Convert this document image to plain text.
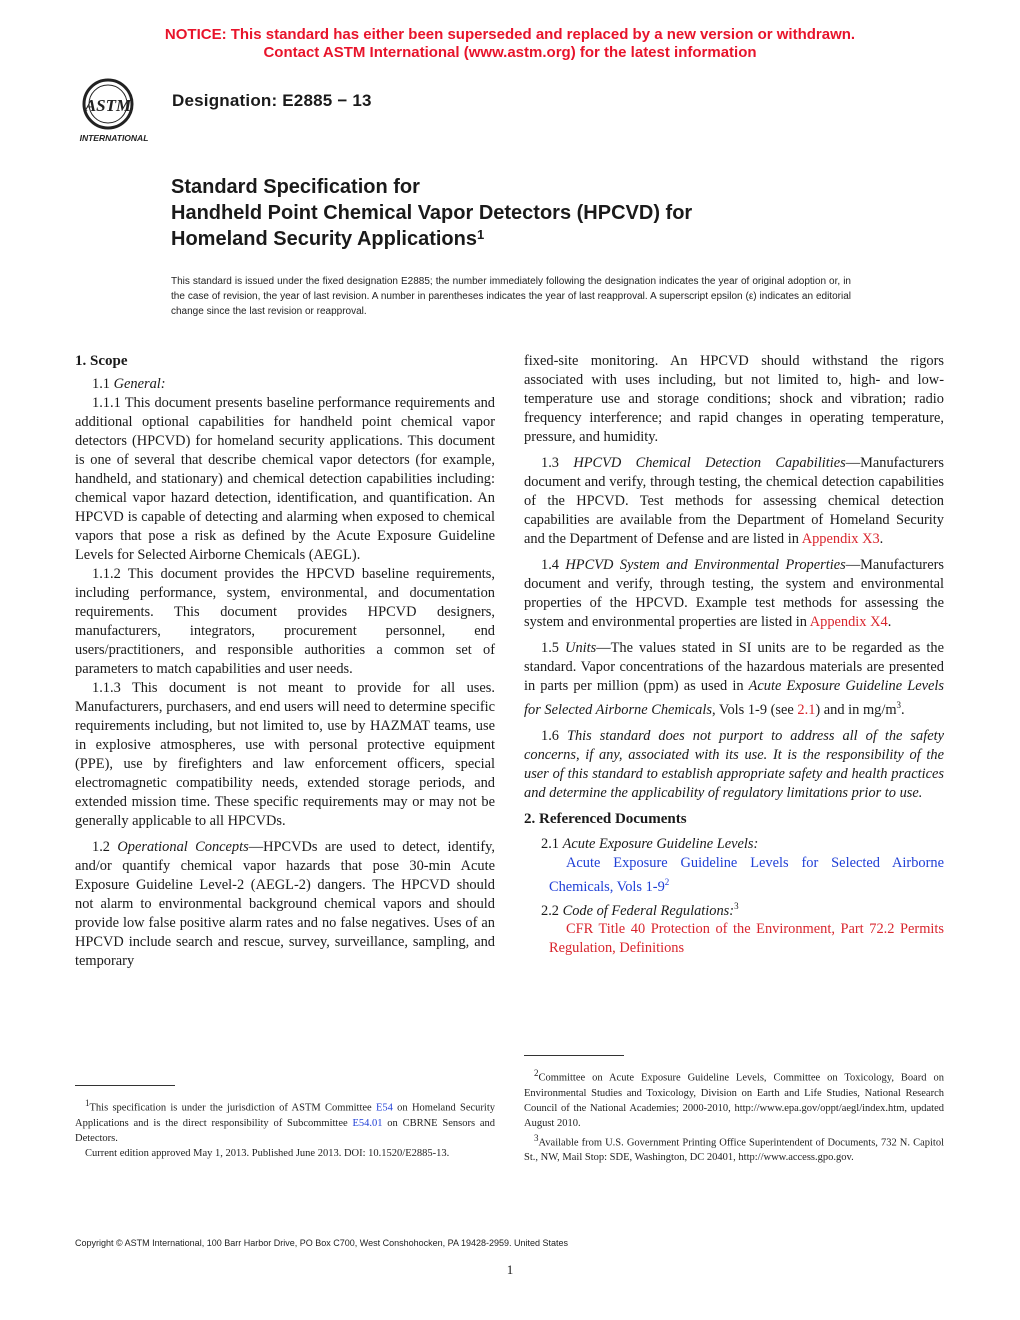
NOTICE: This standard has either been superseded and replaced by a new version or withdrawn.
Contact ASTM International (www.astm.org) for the latest information
ASTM
INTERNATIONAL
Designation: E2885 − 13
Standard Specification for
Handheld Point Chemical Vapor Detectors (HPCVD) for
Homeland Security Applications$^1$
This standard is issued under the fixed designation E2885; the number immediately following the designation indicates the year of original adoption or, in the case of revision, the year of last revision. A number in parentheses indicates the year of last reapproval. A superscript epsilon (ε) indicates an editorial change since the last revision or reapproval.

1. Scope

1.1 General:

1.1.1 This document presents baseline performance requirements and additional optional capabilities for handheld point chemical vapor detectors (HPCVD) for homeland security applications. This document is one of several that describe chemical vapor detectors (for example, handheld, and stationary) and chemical detection capabilities including: chemical vapor hazard detection, identification, and quantification. An HPCVD is capable of detecting and alarming when exposed to chemical vapors that pose a risk as defined by the Acute Exposure Guideline Levels for Selected Airborne Chemicals (AEGL).

1.1.2 This document provides the HPCVD baseline requirements, including performance, system, environmental, and documentation requirements. This document provides HPCVD designers, manufacturers, integrators, procurement personnel, end users/practitioners, and responsible authorities a common set of parameters to match capabilities and user needs.

1.1.3 This document is not meant to provide for all uses. Manufacturers, purchasers, and end users will need to determine specific requirements including, but not limited to, use by HAZMAT teams, use in explosive atmospheres, use with personal protective equipment (PPE), use by firefighters and law enforcement officers, special electromagnetic compatibility needs, extended storage periods, and extended mission time. These specific requirements may or may not be generally applicable to all HPCVDs.

1.2 Operational Concepts—HPCVDs are used to detect, identify, and/or quantify chemical vapor hazards that pose 30-min Acute Exposure Guideline Level-2 (AEGL-2) dangers. The HPCVD should not alarm to environmental background chemical vapors and should provide low false positive alarm rates and no false negatives. Uses of an HPCVD include search and rescue, survey, surveillance, sampling, and temporary

fixed-site monitoring. An HPCVD should withstand the rigors associated with uses including, but not limited to, high- and low-temperature use and storage conditions; shock and vibration; radio frequency interference; and rapid changes in operating temperature, pressure, and humidity.

1.3 HPCVD Chemical Detection Capabilities—Manufacturers document and verify, through testing, the chemical detection capabilities of the HPCVD. Test methods for assessing chemical detection capabilities are available from the Department of Homeland Security and the Department of Defense and are listed in Appendix X3.

1.4 HPCVD System and Environmental Properties—Manufacturers document and verify, through testing, the system and environmental properties of the HPCVD. Example test methods for assessing the system and environmental properties are listed in Appendix X4.

1.5 Units—The values stated in SI units are to be regarded as the standard. Vapor concentrations of the hazardous materials are presented in parts per million (ppm) as used in Acute Exposure Guideline Levels for Selected Airborne Chemicals, Vols 1-9 (see 2.1) and in $mg/m^3$.

1.6 This standard does not purport to address all of the safety concerns, if any, associated with its use. It is the responsibility of the user of this standard to establish appropriate safety and health practices and determine the applicability of regulatory limitations prior to use.

2. Referenced Documents

2.1 Acute Exposure Guideline Levels:

Acute Exposure Guideline Levels for Selected Airborne Chemicals, Vols $1-9^2$

2.2 Code of Federal Regulations:$^3$

CFR Title 40 Protection of the Environment, Part 72.2 Permits Regulation, Definitions

$^1$This specification is under the jurisdiction of ASTM Committee E54 on Homeland Security Applications and is the direct responsibility of Subcommittee E54.01 on CBRNE Sensors and Detectors.

Current edition approved May 1, 2013. Published June 2013. DOI: 10.1520/E2885-13.

$^2$Committee on Acute Exposure Guideline Levels, Committee on Toxicology, Board on Environmental Studies and Toxicology, Division on Earth and Life Studies, National Research Council of the National Academies; 2000-2010, http://www.epa.gov/oppt/aegl/index.htm, updated August 2010.

$^3$Available from U.S. Government Printing Office Superintendent of Documents, 732 N. Capitol St., NW, Mail Stop: SDE, Washington, DC 20401, http://www.access.gpo.gov.

Copyright © ASTM International, 100 Barr Harbor Drive, PO Box C700, West Conshohocken, PA 19428-2959. United States
1
